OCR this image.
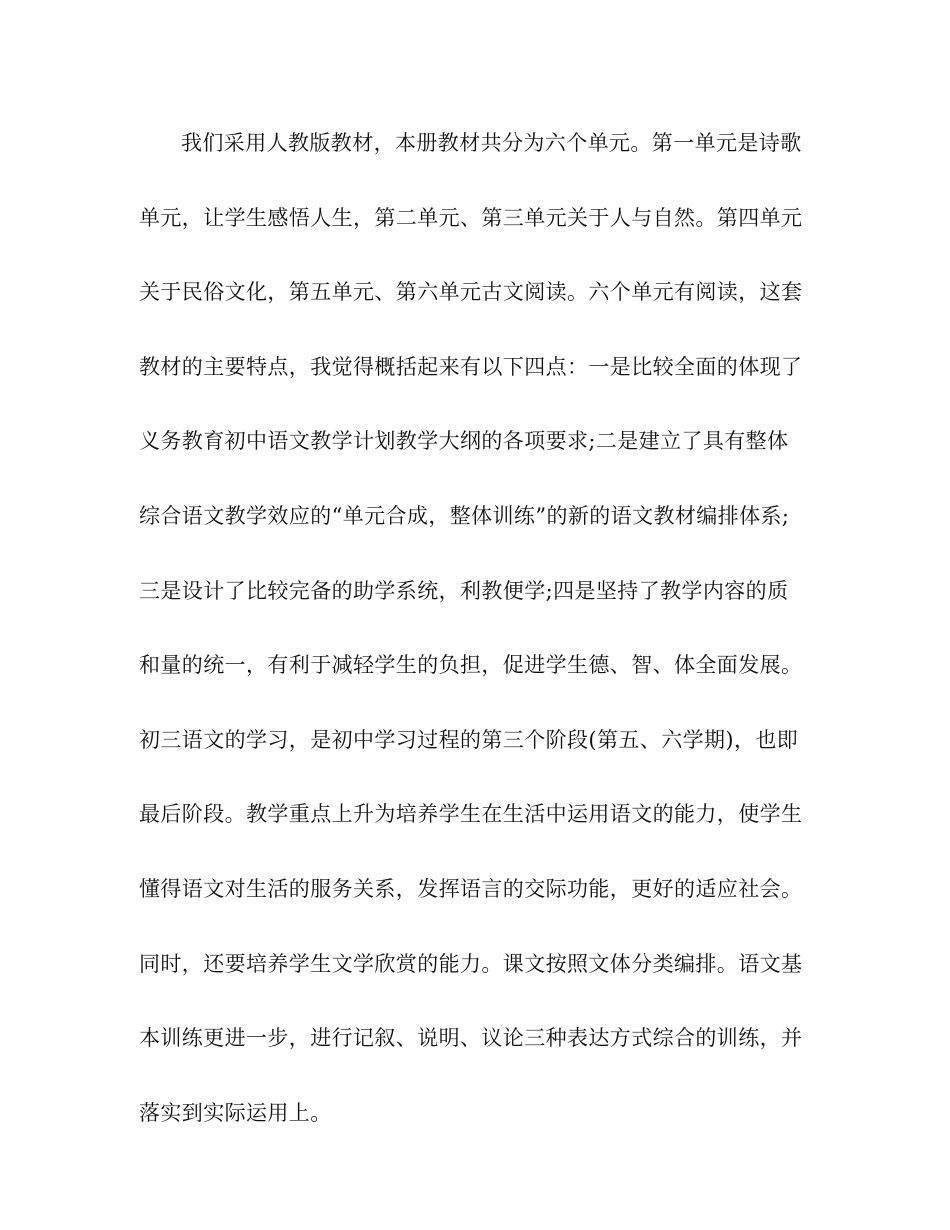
我们采用人教版教材，本册教材共分为六个单元。第一单元是诗歌
单元，让学生感悟人生，第二单元、第三单元关于人与自然。第四单元
关于民俗文化，第五单元、第六单元古文阅读。六个单元有阅读，这套
教材的主要特点，我觉得概括起来有以下四点：一是比较全面的体现了
义务教育初中语文教学计划教学大纲的各项要求;二是建立了具有整体
综合语文教学效应的“单元合成，整体训练”的新的语文教材编排体系;
三是设计了比较完备的助学系统，利教便学;四是坚持了教学内容的质
和量的统一，有利于减轻学生的负担，促进学生德、智、体全面发展。
初三语文的学习，是初中学习过程的第三个阶段(第五、六学期)，也即
最后阶段。教学重点上升为培养学生在生活中运用语文的能力，使学生
懂得语文对生活的服务关系，发挥语言的交际功能，更好的适应社会。
同时，还要培养学生文学欣赏的能力。课文按照文体分类编排。语文基
本训练更进一步，进行记叙、说明、议论三种表达方式综合的训练，并
落实到实际运用上。
